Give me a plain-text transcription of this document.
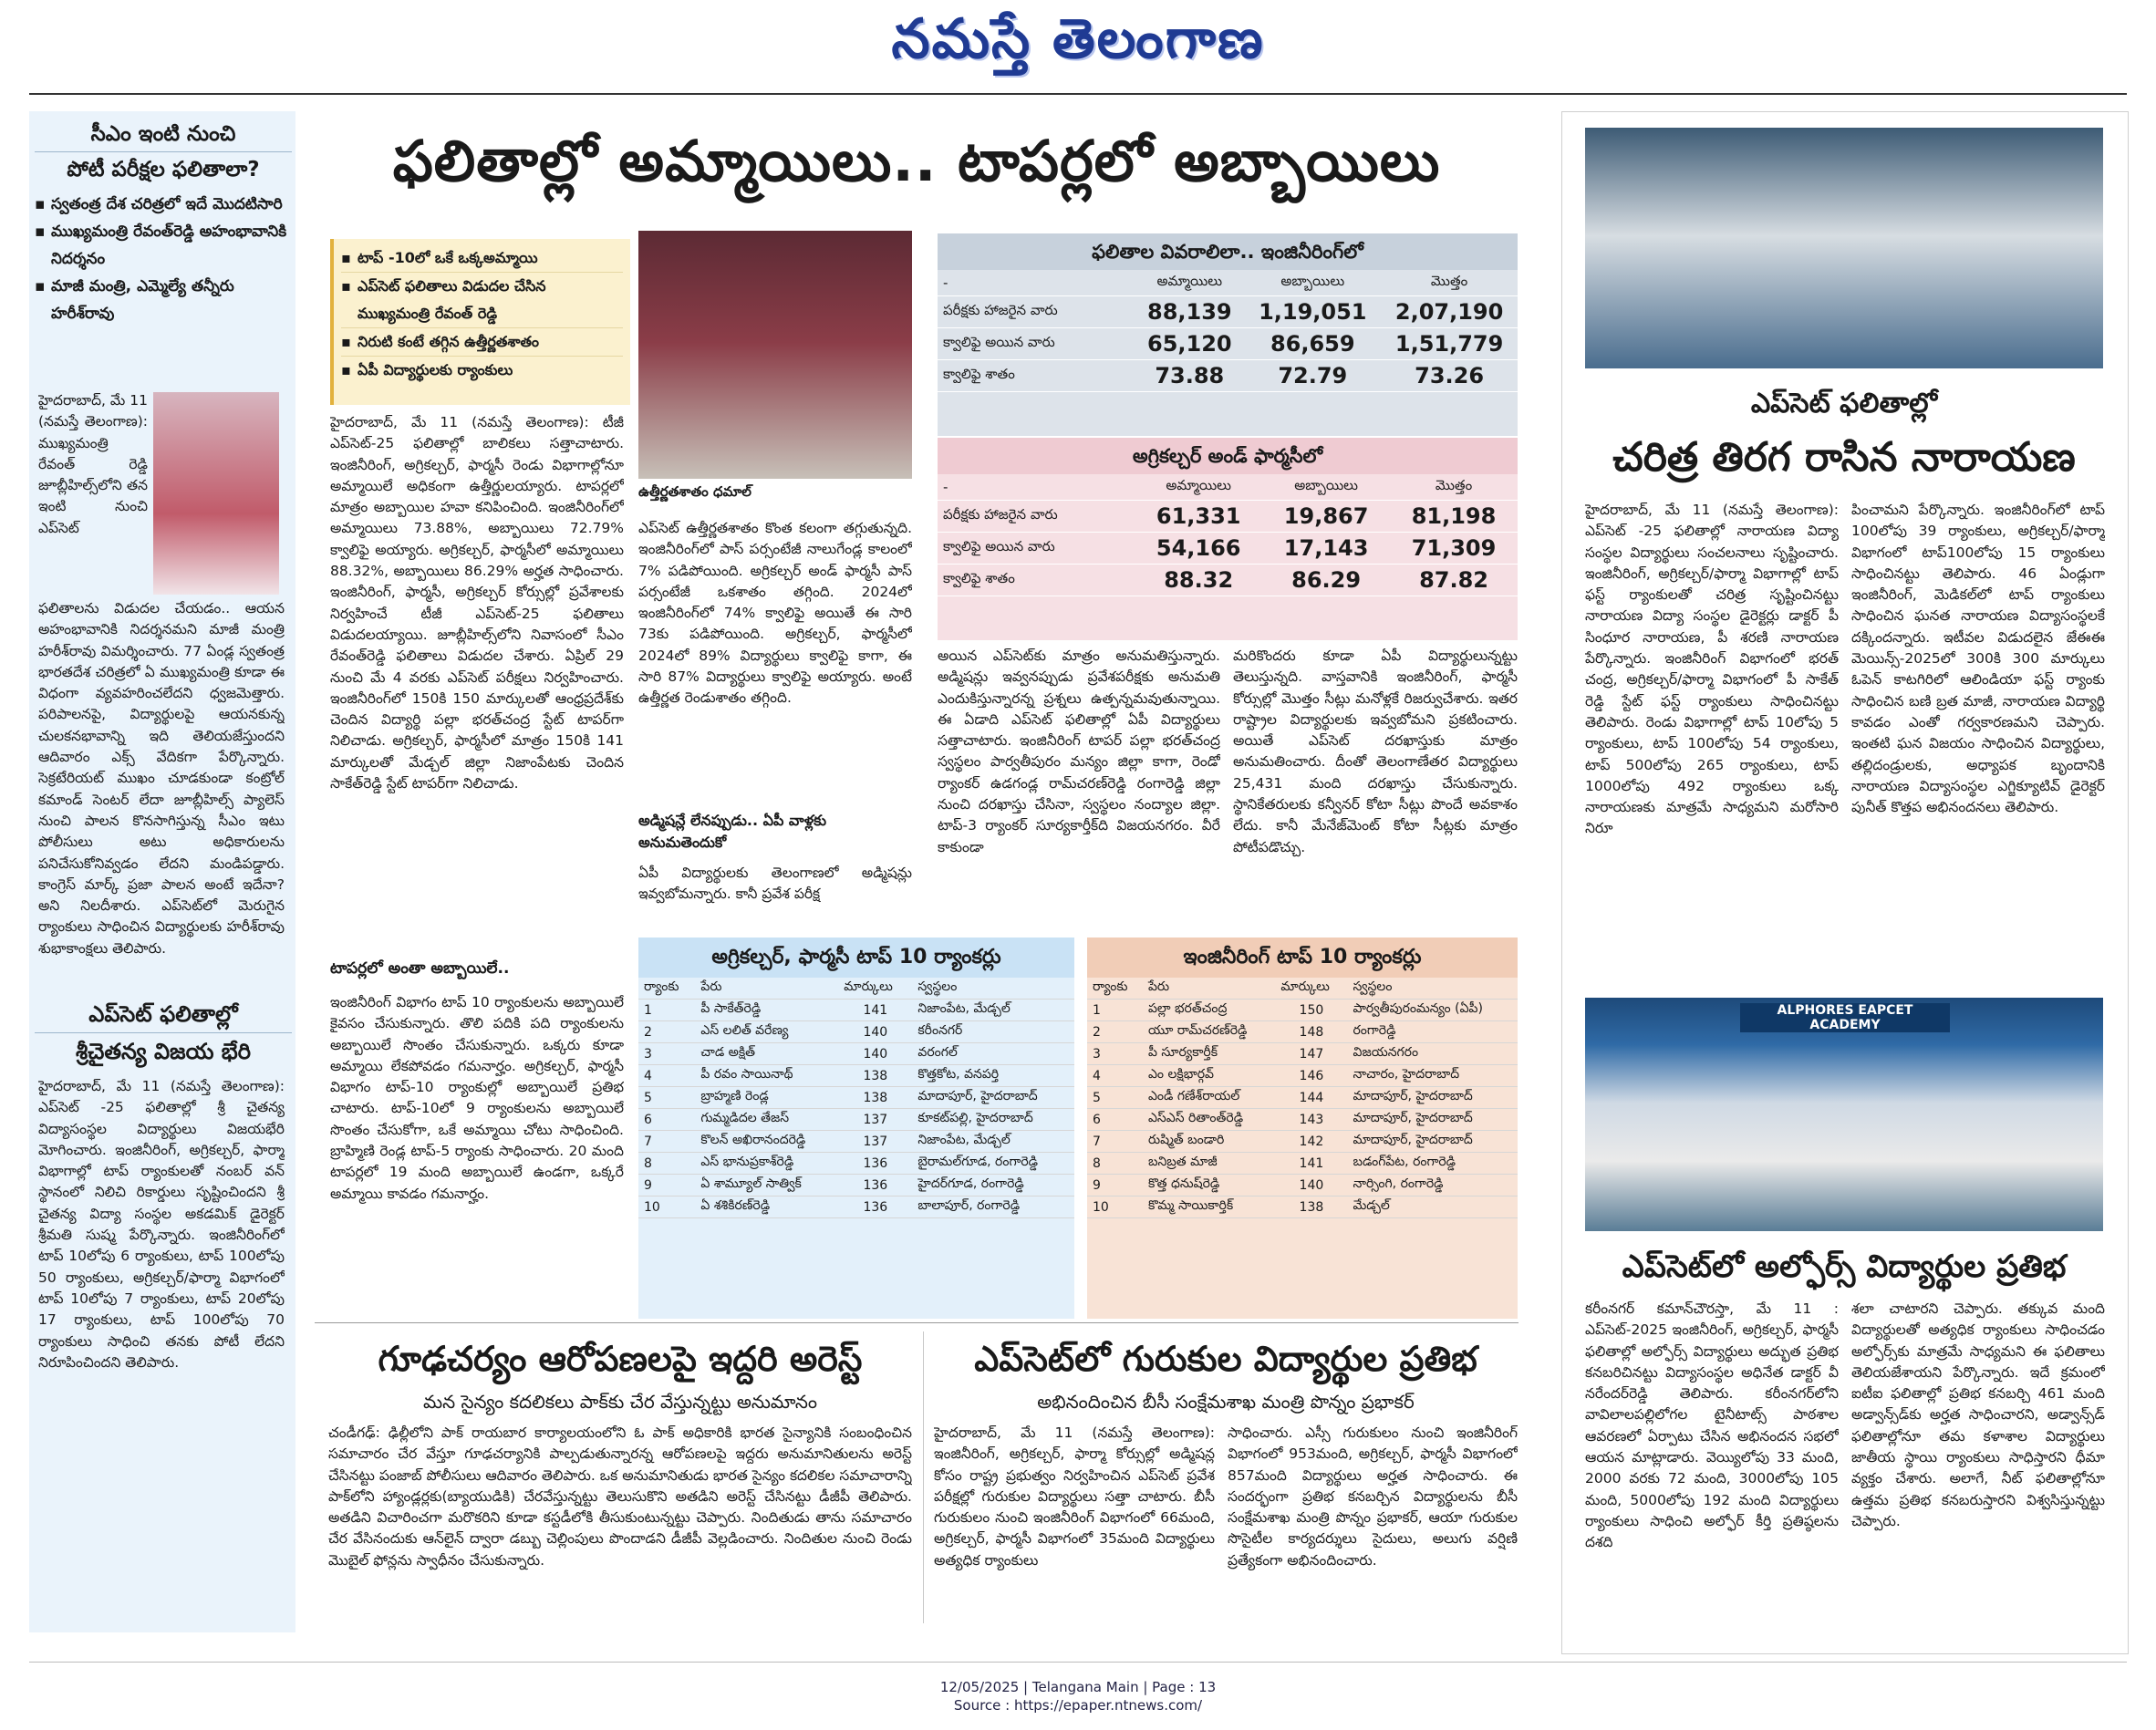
నమస్తే తెలంగాణ
సీఎం ఇంటి నుంచి
పోటీ పరీక్షల ఫలితాలా?
▪ స్వతంత్ర దేశ చరిత్రలో ఇదే మొదటిసారి
▪ ముఖ్యమంత్రి రేవంత్‌రెడ్డి అహంభావానికి నిదర్శనం
▪ మాజీ మంత్రి, ఎమ్మెల్యే తన్నీరు హరీశ్‌రావు
హైదరాబాద్, మే 11 (నమస్తే తెలంగాణ): ముఖ్యమంత్రి రేవంత్ రెడ్డి జూబ్లీహిల్స్‌లోని తన ఇంటి నుంచి ఎప్‌సెట్
ఫలితాలను విడుదల చేయడం.. ఆయన అహంభావానికి నిదర్శనమని మాజీ మంత్రి హరీశ్‌రావు విమర్శించారు. 77 ఏండ్ల స్వతంత్ర భారతదేశ చరిత్రలో ఏ ముఖ్యమంత్రి కూడా ఈ విధంగా వ్యవహరించలేదని ధ్వజమెత్తారు. పరిపాలనపై, విద్యార్థులపై ఆయనకున్న చులకనభావాన్ని ఇది తెలియజేస్తుందని ఆదివారం ఎక్స్ వేదికగా పేర్కొన్నారు. సెక్రటేరియట్ ముఖం చూడకుండా కంట్రోల్ కమాండ్ సెంటర్ లేదా జూబ్లీహిల్స్ ప్యాలెస్ నుంచి పాలన కొనసాగిస్తున్న సీఎం ఇటు పోలీసులు అటు అధికారులను పనిచేసుకోనివ్వడం లేదని మండిపడ్డారు. కాంగ్రెస్ మార్క్ ప్రజా పాలన అంటే ఇదేనా? అని నిలదీశారు. ఎప్‌సెట్‌లో మెరుగైన ర్యాంకులు సాధించిన విద్యార్థులకు హరీశ్‌రావు శుభాకాంక్షలు తెలిపారు.
ఎప్‌సెట్ ఫలితాల్లో
శ్రీచైతన్య విజయ భేరి
హైదరాబాద్, మే 11 (నమస్తే తెలంగాణ): ఎప్‌సెట్ -25 ఫలితాల్లో శ్రీ చైతన్య విద్యాసంస్థల విద్యార్థులు విజయభేరి మోగించారు. ఇంజినీరింగ్, అగ్రికల్చర్, ఫార్మా విభాగాల్లో టాప్ ర్యాంకులతో నంబర్ వన్ స్థానంలో నిలిచి రికార్డులు సృష్టించిందని శ్రీ చైతన్య విద్యా సంస్థల అకడమిక్ డైరెక్టర్ శ్రీమతి సుష్మ పేర్కొన్నారు. ఇంజినీరింగ్‌లో టాప్ 10లోపు 6 ర్యాంకులు, టాప్ 100లోపు 50 ర్యాంకులు, అగ్రికల్చర్/ఫార్మా విభాగంలో టాప్ 10లోపు 7 ర్యాంకులు, టాప్ 20లోపు 17 ర్యాంకులు, టాప్ 100లోపు 70 ర్యాంకులు సాధించి తనకు పోటీ లేదని నిరూపించిందని తెలిపారు.
ఫలితాల్లో అమ్మాయిలు.. టాపర్లలో అబ్బాయిలు
▪ టాప్ -10లో ఒకే ఒక్కఅమ్మాయి
▪ ఎప్‌సెట్ ఫలితాలు విడుదల చేసిన ముఖ్యమంత్రి రేవంత్ రెడ్డి
▪ నిరుటి కంటే తగ్గిన ఉత్తీర్ణతశాతం
▪ ఏపీ విద్యార్థులకు ర్యాంకులు
ఉత్తీర్ణతశాతం ధమాల్
హైదరాబాద్, మే 11 (నమస్తే తెలంగాణ): టీజీ ఎప్‌సెట్-25 ఫలితాల్లో బాలికలు సత్తాచాటారు. ఇంజినీరింగ్, అగ్రికల్చర్, ఫార్మసీ రెండు విభాగాల్లోనూ అమ్మాయిలే అధికంగా ఉత్తీర్ణులయ్యారు. టాపర్లలో మాత్రం అబ్బాయిల హవా కనిపించింది. ఇంజినీరింగ్‌లో అమ్మాయిలు 73.88%, అబ్బాయిలు 72.79% క్వాలిఫై అయ్యారు. అగ్రికల్చర్, ఫార్మసీలో అమ్మాయిలు 88.32%, అబ్బాయిలు 86.29% అర్హత సాధించారు. ఇంజినీరింగ్, ఫార్మసీ, అగ్రికల్చర్ కోర్సుల్లో ప్రవేశాలకు నిర్వహించే టీజీ ఎప్‌సెట్-25 ఫలితాలు విడుదలయ్యాయి. జూబ్లీహిల్స్‌లోని నివాసంలో సీఎం రేవంత్‌రెడ్డి ఫలితాలు విడుదల చేశారు. ఏప్రిల్ 29 నుంచి మే 4 వరకు ఎప్‌సెట్ పరీక్షలు నిర్వహించారు. ఇంజినీరింగ్‌లో 150కి 150 మార్కులతో ఆంధ్రప్రదేశ్‌కు చెందిన విద్యార్థి పల్లా భరత్‌చంద్ర స్టేట్ టాపర్‌గా నిలిచాడు. అగ్రికల్చర్, ఫార్మసీలో మాత్రం 150కి 141 మార్కులతో మేడ్చల్ జిల్లా నిజాంపేటకు చెందిన సాకేత్‌రెడ్డి స్టేట్ టాపర్‌గా నిలిచాడు.
టాపర్లలో అంతా అబ్బాయిలే..
ఇంజినీరింగ్ విభాగం టాప్ 10 ర్యాంకులను అబ్బాయిలే కైవసం చేసుకున్నారు. తొలి పదికి పది ర్యాంకులను అబ్బాయిలే సొంతం చేసుకున్నారు. ఒక్కరు కూడా అమ్మాయి లేకపోవడం గమనార్హం. అగ్రికల్చర్, ఫార్మసీ విభాగం టాప్-10 ర్యాంకుల్లో అబ్బాయిలే ప్రతిభ చాటారు. టాప్-10లో 9 ర్యాంకులను అబ్బాయిలే సొంతం చేసుకోగా, ఒకే అమ్మాయి చోటు సాధించింది. బ్రాహ్మిణి రెండ్ల టాప్-5 ర్యాంకు సాధించారు. 20 మంది టాపర్లలో 19 మంది అబ్బాయిలే ఉండగా, ఒక్కరే అమ్మాయి కావడం గమనార్హం.
ఎప్‌సెట్ ఉత్తీర్ణతశాతం కొంత కలంగా తగ్గుతున్నది. ఇంజినీరింగ్‌లో పాస్ పర్సంటేజీ నాలుగేండ్ల కాలంలో 7% పడిపోయింది. అగ్రికల్చర్ అండ్ ఫార్మసీ పాస్ పర్సంటేజీ ఒకశాతం తగ్గింది. 2024లో ఇంజినీరింగ్‌లో 74% క్వాలిఫై అయితే ఈ సారి 73కు పడిపోయింది. అగ్రికల్చర్, ఫార్మసీలో 2024లో 89% విద్యార్థులు క్వాలిఫై కాగా, ఈ సారి 87% విద్యార్థులు క్వాలిఫై అయ్యారు. అంటే ఉత్తీర్ణత రెండుశాతం తగ్గింది.
అడ్మిషన్లే లేనప్పుడు.. ఏపీ వాళ్లకు అనుమతెందుకో
ఏపీ విద్యార్థులకు తెలంగాణలో అడ్మిషన్లు ఇవ్వబోమన్నారు. కానీ ప్రవేశ పరీక్ష
ఫలితాల వివరాలిలా.. ఇంజినీరింగ్‌లో
-	అమ్మాయిలు	అబ్బాయిలు	మొత్తం
పరీక్షకు హాజరైన వారు	88,139	1,19,051	2,07,190
క్వాలిఫై అయిన వారు	65,120	86,659	1,51,779
క్వాలిఫై శాతం	73.88	72.79	73.26
అగ్రికల్చర్ అండ్ ఫార్మసీలో
-	అమ్మాయిలు	అబ్బాయిలు	మొత్తం
పరీక్షకు హాజరైన వారు	61,331	19,867	81,198
క్వాలిఫై అయిన వారు	54,166	17,143	71,309
క్వాలిఫై శాతం	88.32	86.29	87.82
అయిన ఎప్‌సెట్‌కు మాత్రం అనుమతిస్తున్నారు. అడ్మిషన్లు ఇవ్వనప్పుడు ప్రవేశపరీక్షకు అనుమతి ఎందుకిస్తున్నారన్న ప్రశ్నలు ఉత్పన్నమవుతున్నాయి. ఈ ఏడాది ఎప్‌సెట్ ఫలితాల్లో ఏపీ విద్యార్థులు సత్తాచాటారు. ఇంజినీరింగ్ టాపర్ పల్లా భరత్‌చంద్ర స్వస్థలం పార్వతీపురం మన్యం జిల్లా కాగా, రెండో ర్యాంకర్ ఉడగండ్ల రామ్‌చరణ్‌రెడ్డి రంగారెడ్డి జిల్లా నుంచి దరఖాస్తు చేసినా, స్వస్థలం నంద్యాల జిల్లా. టాప్-3 ర్యాంకర్ సూర్యకార్తీక్‌ది విజయనగరం. వీరే కాకుండా
మరికొందరు కూడా ఏపీ విద్యార్థులున్నట్టు తెలుస్తున్నది. వాస్తవానికి ఇంజినీరింగ్, ఫార్మసీ కోర్సుల్లో మొత్తం సీట్లు మనోళ్లకే రిజర్వుచేశారు. ఇతర రాష్ట్రాల విద్యార్థులకు ఇవ్వబోమని ప్రకటించారు. అయితే ఎప్‌సెట్ దరఖాస్తుకు మాత్రం అనుమతించారు. దీంతో తెలంగాణేతర విద్యార్థులు 25,431 మంది దరఖాస్తు చేసుకున్నారు. స్థానికేతరులకు కన్వీనర్ కోటా సీట్లు పొందే అవకాశం లేదు. కానీ మేనేజ్‌మెంట్ కోటా సీట్లకు మాత్రం పోటీపడొచ్చు.
అగ్రికల్చర్, ఫార్మసీ టాప్ 10 ర్యాంకర్లు
ర్యాంకు	పేరు	మార్కులు	స్వస్థలం
1	పీ సాకేత్‌రెడ్డి	141	నిజాంపేట, మేడ్చల్
2	ఎస్ లలిత్ వరేణ్య	140	కరీంనగర్
3	చాడ అక్షిత్	140	వరంగల్
4	పీ రవం సాయినాథ్	138	కొత్తకోట, వనపర్తి
5	బ్రాహ్మణి రెండ్ల	138	మాదాపూర్, హైదరాబాద్
6	గుమ్మడిదల తేజస్	137	కూకట్‌పల్లి, హైదరాబాద్
7	కొలన్ అఖిరానందరెడ్డి	137	నిజాంపేట, మేడ్చల్
8	ఎస్ భానుప్రకాశ్‌రెడ్డి	136	బైరామల్‌గూడ, రంగారెడ్డి
9	ఏ శామ్యూల్ సాత్విక్	136	హైదర్‌గూడ, రంగారెడ్డి
10	ఏ శశికిరణ్‌రెడ్డి	136	బాలాపూర్, రంగారెడ్డి
ఇంజినీరింగ్ టాప్ 10 ర్యాంకర్లు
ర్యాంకు	పేరు	మార్కులు	స్వస్థలం
1	పల్లా భరత్‌చంద్ర	150	పార్వతీపురంమన్యం (ఏపీ)
2	యూ రామ్‌చరణ్‌రెడ్డి	148	రంగారెడ్డి
3	పీ సూర్యకార్తీక్	147	విజయనగరం
4	ఎం లక్షిభార్గవ్	146	నాచారం, హైదరాబాద్
5	ఎండీ గణేశ్‌రాయల్	144	మాదాపూర్, హైదరాబాద్
6	ఎస్ఎస్ రితాంత్‌రెడ్డి	143	మాదాపూర్, హైదరాబాద్
7	రుష్మిత్ బండారి	142	మాదాపూర్, హైదరాబాద్
8	బనిబ్రత మాజీ	141	బడంగ్‌పేట, రంగారెడ్డి
9	కొత్త ధనుష్‌రెడ్డి	140	నార్సింగి, రంగారెడ్డి
10	కొమ్మ సాయికార్తిక్	138	మేడ్చల్
గూఢచర్యం ఆరోపణలపై ఇద్దరి అరెస్ట్
మన సైన్యం కదలికలు పాక్‌కు చేర వేస్తున్నట్టు అనుమానం
చండీగఢ్: ఢిల్లీలోని పాక్ రాయబార కార్యాలయంలోని ఓ పాక్ అధికారికి భారత సైన్యానికి సంబంధించిన సమాచారం చేర వేస్తూ గూఢచర్యానికి పాల్పడుతున్నారన్న ఆరోపణలపై ఇద్దరు అనుమానితులను అరెస్ట్ చేసినట్టు పంజాబ్ పోలీసులు ఆదివారం తెలిపారు. ఒక అనుమానితుడు భారత సైన్యం కదలికల సమాచారాన్ని పాక్‌లోని హ్యాండ్లర్లకు(బ్యాయుడికి) చేరవేస్తున్నట్టు తెలుసుకొని అతడిని అరెస్ట్ చేసినట్టు డీజీపీ తెలిపారు. అతడిని విచారించగా మరొకరిని కూడా కస్టడీలోకి తీసుకుంటున్నట్టు చెప్పారు. నిందితుడు తాను సమాచారం చేర వేసినందుకు ఆన్‌లైన్ ద్వారా డబ్బు చెల్లింపులు పొందాడని డీజీపీ వెల్లడించారు. నిందితుల నుంచి రెండు మొబైల్ ఫోన్లను స్వాధీనం చేసుకున్నారు.
ఎప్‌సెట్‌లో గురుకుల విద్యార్థుల ప్రతిభ
అభినందించిన బీసీ సంక్షేమశాఖ మంత్రి పొన్నం ప్రభాకర్
హైదరాబాద్, మే 11 (నమస్తే తెలంగాణ): ఇంజినీరింగ్, అగ్రికల్చర్, ఫార్మా కోర్సుల్లో అడ్మిషన్ల కోసం రాష్ట్ర ప్రభుత్వం నిర్వహించిన ఎప్‌సెట్ ప్రవేశ పరీక్షల్లో గురుకుల విద్యార్థులు సత్తా చాటారు. బీసీ గురుకులం నుంచి ఇంజినీరింగ్ విభాగంలో 66మంది, అగ్రికల్చర్, ఫార్మసీ విభాగంలో 35మంది విద్యార్థులు అత్యధిక ర్యాంకులు
సాధించారు. ఎస్సీ గురుకులం నుంచి ఇంజినీరింగ్ విభాగంలో 953మంది, అగ్రికల్చర్, ఫార్మసీ విభాగంలో 857మంది విద్యార్థులు అర్హత సాధించారు. ఈ సందర్భంగా ప్రతిభ కనబర్చిన విద్యార్థులను బీసీ సంక్షేమశాఖ మంత్రి పొన్నం ప్రభాకర్, ఆయా గురుకుల సొసైటీల కార్యదర్శులు సైదులు, అలుగు వర్షిణి ప్రత్యేకంగా అభినందించారు.
ఎప్‌సెట్ ఫలితాల్లో
చరిత్ర తిరగ రాసిన నారాయణ
హైదరాబాద్, మే 11 (నమస్తే తెలంగాణ): ఎప్‌సెట్ -25 ఫలితాల్లో నారాయణ విద్యా సంస్థల విద్యార్థులు సంచలనాలు సృష్టించారు. ఇంజినీరింగ్, అగ్రికల్చర్/ఫార్మా విభాగాల్లో టాప్ ఫస్ట్ ర్యాంకులతో చరిత్ర సృష్టించినట్టు నారాయణ విద్యా సంస్థల డైరెక్టర్లు డాక్టర్ పీ సింధూర నారాయణ, పీ శరణి నారాయణ పేర్కొన్నారు. ఇంజినీరింగ్ విభాగంలో భరత్ చంద్ర, అగ్రికల్చర్/ఫార్మా విభాగంలో పీ సాకేత్ రెడ్డి స్టేట్ ఫస్ట్ ర్యాంకులు సాధించినట్టు తెలిపారు. రెండు విభాగాల్లో టాప్ 10లోపు 5 ర్యాంకులు, టాప్ 100లోపు 54 ర్యాంకులు, టాప్ 500లోపు 265 ర్యాంకులు, టాప్ 1000లోపు 492 ర్యాంకులు ఒక్క నారాయణకు మాత్రమే సాధ్యమని మరోసారి నిరూ
పించామని పేర్కొన్నారు. ఇంజినీరింగ్‌లో టాప్ 100లోపు 39 ర్యాంకులు, అగ్రికల్చర్/ఫార్మా విభాగంలో టాప్100లోపు 15 ర్యాంకులు సాధించినట్టు తెలిపారు. 46 ఏండ్లుగా ఇంజినీరింగ్, మెడికల్‌లో టాప్ ర్యాంకులు సాధించిన ఘనత నారాయణ విద్యాసంస్థలకే దక్కిందన్నారు. ఇటీవల విడుదలైన జేఈఈ మెయిన్స్-2025లో 300కి 300 మార్కులు ఓపెన్ కాటగిరిలో ఆలిండియా ఫస్ట్ ర్యాంకు సాధించిన బణి బ్రత మాజీ, నారాయణ విద్యార్థి కావడం ఎంతో గర్వకారణమని చెప్పారు. ఇంతటి ఘన విజయం సాధించిన విద్యార్థులు, తల్లిదండ్రులకు, అధ్యాపక బృందానికి నారాయణ విద్యాసంస్థల ఎగ్జిక్యూటివ్ డైరెక్టర్ పునీత్ కొత్తప అభినందనలు తెలిపారు.
ALPHORES EAPCET ACADEMY
ఎప్‌సెట్‌లో అల్ఫోర్స్ విద్యార్థుల ప్రతిభ
కరీంనగర్ కమాన్‌చౌరస్తా, మే 11 : ఎప్‌సెట్-2025 ఇంజినీరింగ్, అగ్రికల్చర్, ఫార్మసీ ఫలితాల్లో అల్ఫోర్స్ విద్యార్థులు అద్భుత ప్రతిభ కనబరిచినట్టు విద్యాసంస్థల అధినేత డాక్టర్ వీ నరేందర్‌రెడ్డి తెలిపారు. కరీంనగర్‌లోని వావిలాలపల్లిలోగల టైనీటాట్స్ పాఠశాల ఆవరణలో ఏర్పాటు చేసిన అభినందన సభలో ఆయన మాట్లాడారు. వెయ్యిలోపు 33 మంది, 2000 వరకు 72 మంది, 3000లోపు 105 మంది, 5000లోపు 192 మంది విద్యార్థులు ర్యాంకులు సాధించి అల్ఫోర్ కీర్తి ప్రతిష్ఠలను దశది
శలా చాటారని చెప్పారు. తక్కువ మంది విద్యార్థులతో అత్యధిక ర్యాంకులు సాధించడం అల్ఫోర్స్‌కు మాత్రమే సాధ్యమని ఈ ఫలితాలు తెలియజేశాయని పేర్కొన్నారు. ఇదే క్రమంలో ఐటీఐ ఫలితాల్లో ప్రతిభ కనబర్చి 461 మంది అడ్వాన్స్‌డ్‌కు అర్హత సాధించారని, అడ్వాన్స్‌డ్ ఫలితాల్లోనూ తమ కళాశాల విద్యార్థులు జాతీయ స్థాయి ర్యాంకులు సాధిస్తారని ధీమా వ్యక్తం చేశారు. అలాగే, నీట్ ఫలితాల్లోనూ ఉత్తమ ప్రతిభ కనబరుస్తారని విశ్వసిస్తున్నట్టు చెప్పారు.
12/05/2025 | Telangana Main | Page : 13
Source : https://epaper.ntnews.com/
